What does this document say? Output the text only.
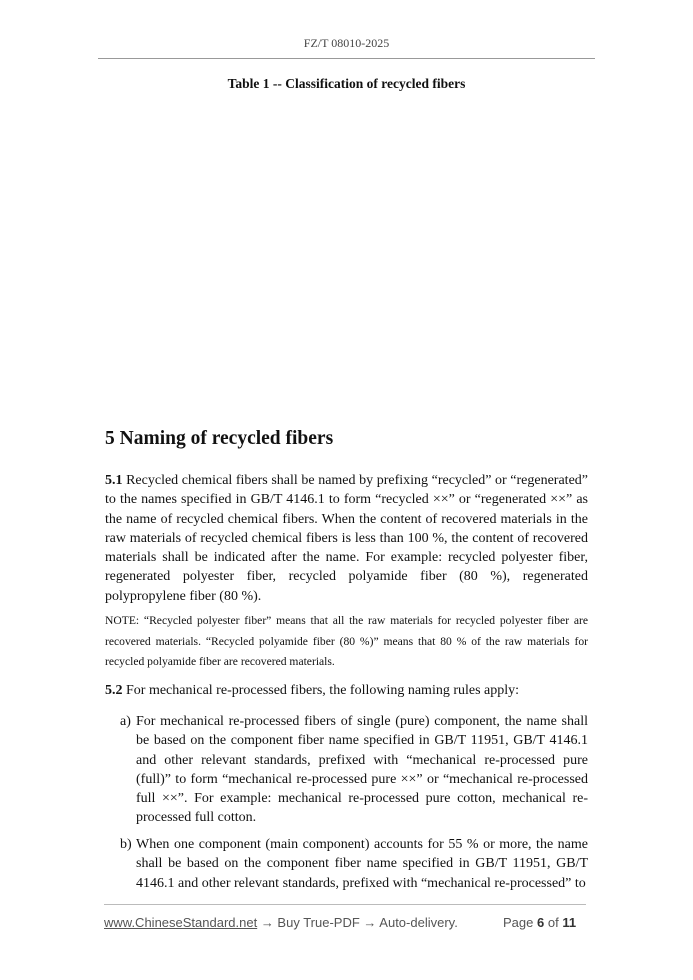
FZ/T 08010-2025
Table 1 -- Classification of recycled fibers
5 Naming of recycled fibers

5.1 Recycled chemical fibers shall be named by prefixing “recycled” or “regenerated” to the names specified in GB/T 4146.1 to form “recycled ××” or “regenerated ××” as the name of recycled chemical fibers. When the content of recovered materials in the raw materials of recycled chemical fibers is less than 100 %, the content of recovered materials shall be indicated after the name. For example: recycled polyester fiber, regenerated polyester fiber, recycled polyamide fiber (80 %), regenerated polypropylene fiber (80 %).

NOTE: “Recycled polyester fiber” means that all the raw materials for recycled polyester fiber are recovered materials. “Recycled polyamide fiber (80 %)” means that 80 % of the raw materials for recycled polyamide fiber are recovered materials.

5.2 For mechanical re-processed fibers, the following naming rules apply:

a) For mechanical re-processed fibers of single (pure) component, the name shall be based on the component fiber name specified in GB/T 11951, GB/T 4146.1 and other relevant standards, prefixed with “mechanical re-processed pure (full)” to form “mechanical re-processed pure ××” or “mechanical re-processed full ××”. For example: mechanical re-processed pure cotton, mechanical re-processed full cotton.
b) When one component (main component) accounts for 55 % or more, the name shall be based on the component fiber name specified in GB/T 11951, GB/T 4146.1 and other relevant standards, prefixed with “mechanical re-processed” to
www.ChineseStandard.net → Buy True-PDF → Auto-delivery.	Page 6 of 11
